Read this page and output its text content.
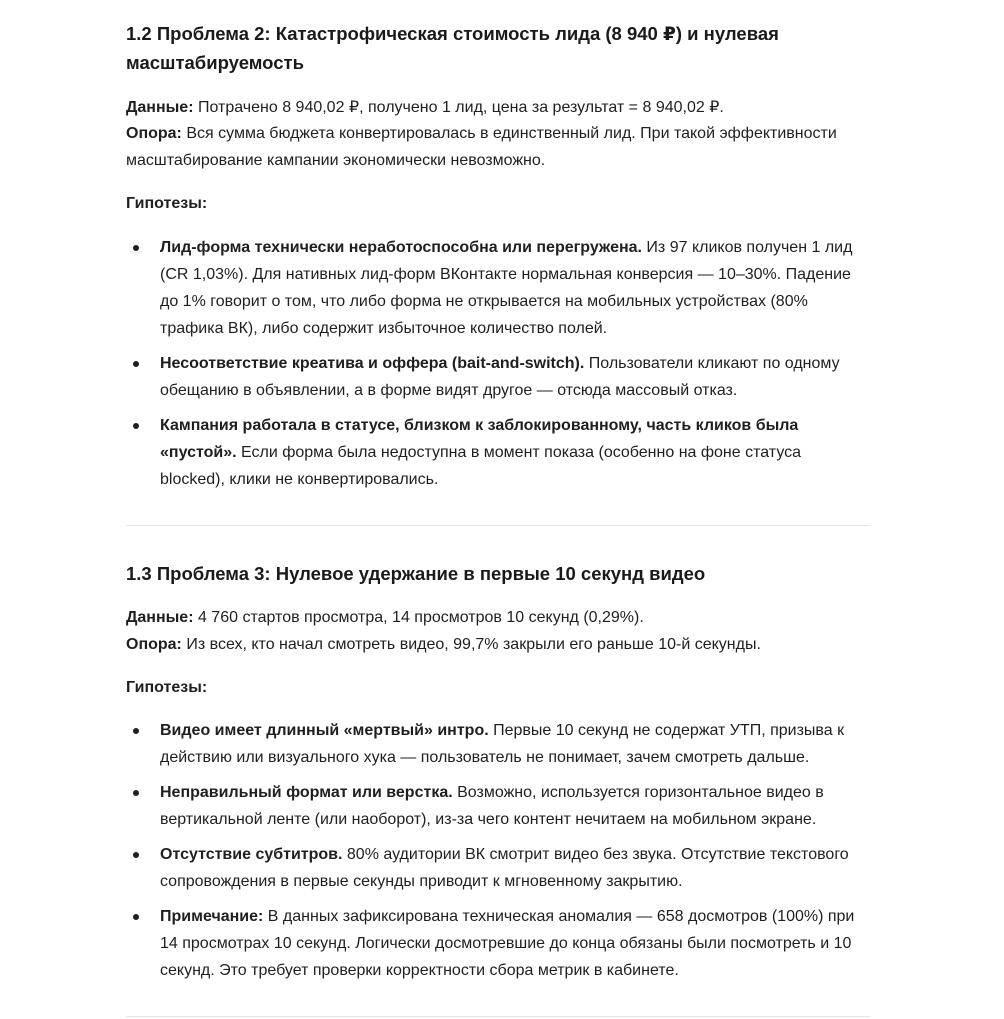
1.2 Проблема 2: Катастрофическая стоимость лида (8 940 ₽) и нулевая масштабируемость

Данные: Потрачено 8 940,02 ₽, получено 1 лид, цена за результат = 8 940,02 ₽.

Опора: Вся сумма бюджета конвертировалась в единственный лид. При такой эффективности масштабирование кампании экономически невозможно.

Гипотезы:

Лид-форма технически неработоспособна или перегружена. Из 97 кликов получен 1 лид (CR 1,03%). Для нативных лид-форм ВКонтакте нормальная конверсия — 10–30%. Падение до 1% говорит о том, что либо форма не открывается на мобильных устройствах (80% трафика ВК), либо содержит избыточное количество полей.
Несоответствие креатива и оффера (bait-and-switch). Пользователи кликают по одному обещанию в объявлении, а в форме видят другое — отсюда массовый отказ.
Кампания работала в статусе, близком к заблокированному, часть кликов была «пустой». Если форма была недоступна в момент показа (особенно на фоне статуса blocked), клики не конвертировались.
1.3 Проблема 3: Нулевое удержание в первые 10 секунд видео

Данные: 4 760 стартов просмотра, 14 просмотров 10 секунд (0,29%).

Опора: Из всех, кто начал смотреть видео, 99,7% закрыли его раньше 10-й секунды.

Гипотезы:

Видео имеет длинный «мертвый» интро. Первые 10 секунд не содержат УТП, призыва к действию или визуального хука — пользователь не понимает, зачем смотреть дальше.
Неправильный формат или верстка. Возможно, используется горизонтальное видео в вертикальной ленте (или наоборот), из-за чего контент нечитаем на мобильном экране.
Отсутствие субтитров. 80% аудитории ВК смотрит видео без звука. Отсутствие текстового сопровождения в первые секунды приводит к мгновенному закрытию.
Примечание: В данных зафиксирована техническая аномалия — 658 досмотров (100%) при 14 просмотрах 10 секунд. Логически досмотревшие до конца обязаны были посмотреть и 10 секунд. Это требует проверки корректности сбора метрик в кабинете.
